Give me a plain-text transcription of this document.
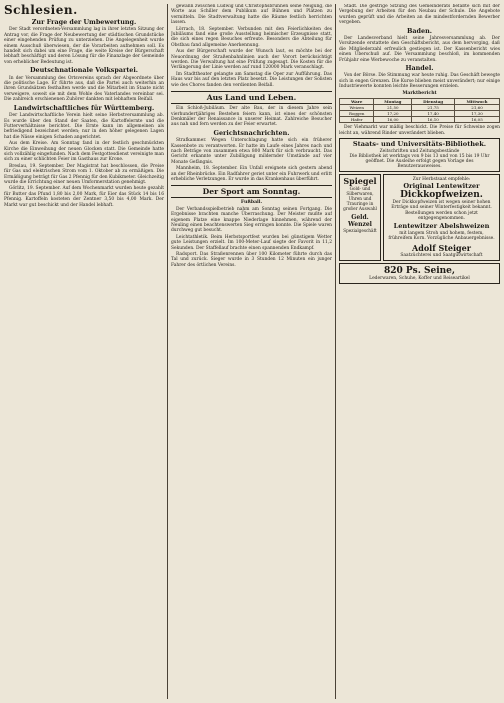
Schlesien.
Zur Frage der Umbewertung.

Der Stadt verordneten-Versammlung lag in ihrer letzten Sitzung der Antrag vor, die Frage der Neubewertung der städtischen Grundstücke einer eingehenden Prüfung zu unterziehen. Die Angelegenheit wurde einem Ausschuß überwiesen, der die Vorarbeiten aufnehmen soll. Es handelt sich dabei um eine Frage, die weite Kreise der Bürgerschaft lebhaft beschäftigt und deren Lösung für die Finanzlage der Gemeinde von erheblicher Bedeutung ist.

Deutschnationale Volkspartei.

In der Versammlung des Ortsvereins sprach der Abgeordnete über die politische Lage. Er führte aus, daß die Partei auch weiterhin an ihren Grundsätzen festhalten werde und die Mitarbeit im Staate nicht verweigere, soweit sie mit dem Wohle des Vaterlandes vereinbar sei. Die zahlreich erschienenen Zuhörer dankten mit lebhaftem Beifall.

Landwirtschaftliches für Württemberg.

Der Landwirtschaftliche Verein hielt seine Herbstversammlung ab. Es wurde über den Stand der Saaten, die Kartoffelernte und die Futterverhältnisse berichtet. Die Ernte kann im allgemeinen als befriedigend bezeichnet werden; nur in den höher gelegenen Lagen hat die Nässe einigen Schaden angerichtet.

Aus dem Kreise. Am Sonntag fand in der festlich geschmückten Kirche die Einweihung der neuen Glocken statt. Die Gemeinde hatte sich vollzählig eingefunden. Nach dem Festgottesdienst vereinigte man sich zu einer schlichten Feier im Gasthaus zur Krone.

Breslau, 19. September. Der Magistrat hat beschlossen, die Preise für Gas und elektrischen Strom vom 1. Oktober ab zu ermäßigen. Die Ermäßigung beträgt für Gas 2 Pfennig für den Kubikmeter. Gleichzeitig wurde die Errichtung einer neuen Umformerstation genehmigt.

Görlitz, 19. September. Auf dem Wochenmarkt wurden heute gezahlt für Butter das Pfund 1,80 bis 2,00 Mark, für Eier das Stück 14 bis 16 Pfennig. Kartoffeln kosteten der Zentner 3,50 bis 4,00 Mark. Der Markt war gut beschickt und der Handel lebhaft.

gewann zwischen Ludwig und Christophsbrunnen seine Neigung, die Worte aus Schiller dem Publikum auf Bühnen und Plätzen zu vermitteln. Die Stadtverwaltung hatte die Räume festlich herrichten lassen.

Lörrach, 18. September. Verbunden mit den Feierlichkeiten des Jubiläums fand eine große Ausstellung heimischer Erzeugnisse statt, die sich eines regen Besuches erfreute. Besonders die Abteilung für Obstbau fand allgemeine Anerkennung.

Aus der Bürgerschaft wurde der Wunsch laut, es möchte bei der Neuordnung der Straßenbahnlinien auch der Vorort berücksichtigt werden. Die Verwaltung hat eine Prüfung zugesagt. Die Kosten für die Verlängerung der Linie werden auf rund 120000 Mark veranschlagt.

Im Stadttheater gelangte am Samstag die Oper zur Aufführung. Das Haus war bis auf den letzten Platz besetzt. Die Leistungen der Solisten wie des Chores fanden den verdienten Beifall.

Aus Land und Leben.

Ein Schloß-Jubiläum. Der alte Bau, der in diesem Jahre sein vierhundertjähriges Bestehen feiern kann, ist eines der schönsten Denkmäler der Renaissance in unserer Heimat. Zahlreiche Besucher aus nah und fern werden zu der Feier erwartet.

Gerichtsnachrichten.

Strafkammer. Wegen Unterschlagung hatte sich ein früherer Kassenbote zu verantworten. Er hatte im Laufe eines Jahres nach und nach Beträge von zusammen etwa 800 Mark für sich verbraucht. Das Gericht erkannte unter Zubilligung mildernder Umstände auf vier Monate Gefängnis.

Mannheim, 18. September. Ein Unfall ereignete sich gestern abend an der Rheinbrücke. Ein Radfahrer geriet unter ein Fuhrwerk und erlitt erhebliche Verletzungen. Er wurde in das Krankenhaus überführt.

Der Sport am Sonntag.
Fußball.

Der Verbandsspielbetrieb nahm am Sonntag seinen Fortgang. Die Ergebnisse brachten manche Überraschung. Der Meister mußte auf eigenem Platze eine knappe Niederlage hinnehmen, während der Neuling einen beachtenswerten Sieg erringen konnte. Die Spiele waren durchweg gut besucht.

Leichtathletik. Beim Herbstsportfest wurden bei günstigem Wetter gute Leistungen erzielt. Im 100-Meter-Lauf siegte der Favorit in 11,2 Sekunden. Der Staffellauf brachte einen spannenden Endkampf.

Radsport. Das Straßenrennen über 100 Kilometer führte durch das Tal und zurück. Sieger wurde in 3 Stunden 12 Minuten ein junger Fahrer des örtlichen Vereins.

Stadt. Die gestrige Sitzung des Gemeinderats befaßte sich mit der Vergebung der Arbeiten für den Neubau der Schule. Die Angebote wurden geprüft und die Arbeiten an die mindestfordernden Bewerber vergeben.

Baden.

Der Landesverband hielt seine Jahresversammlung ab. Der Vorsitzende erstattete den Geschäftsbericht, aus dem hervorging, daß die Mitgliederzahl erfreulich gestiegen ist. Der Kassenbericht wies einen Überschuß auf. Die Versammlung beschloß, im kommenden Frühjahr eine Werbewoche zu veranstalten.

Handel.

Von der Börse. Die Stimmung war heute ruhig. Das Geschäft bewegte sich in engen Grenzen. Die Kurse blieben meist unverändert; nur einige Industriewerte konnten leichte Besserungen erzielen.

Marktbericht
Ware	Montag	Dienstag	Mittwoch
Weizen	21,50	21,75	21,60
Roggen	17,20	17,40	17,30
Hafer	16,00	16,10	16,05

Der Viehmarkt war mäßig beschickt. Die Preise für Schweine zogen leicht an, während Rinder unverändert blieben.

Staats- und Universitäts-Bibliothek.
Zeitschriften und Zeitungsbestände
Die Bibliothek ist werktags von 9 bis 13 und von 15 bis 19 Uhr geöffnet. Die Ausleihe erfolgt gegen Vorlage des Benutzerausweises.
Spiegel
Gold- und Silberwaren, Uhren und Trauringe in großer Auswahl
Geld. Wenzel
Spezialgeschäft
Zur Herbstsaat empfehle:
Original Lentewitzer
Dickkopfweizen.
Der Dickkopfweizen ist wegen seiner hohen Erträge und seiner Winterfestigkeit bekannt. Bestellungen werden schon jetzt entgegengenommen.
Lentewitzer Abelshweizen
mit langem Stroh und hohem, festem, frühreifem Korn. Vorzügliche Anbauergebnisse.
Adolf Steiger
Saatzüchterei und Saatgutwirtschaft
820 Ps. Seine,
Lederwaren, Schuhe, Koffer und Reiseartikel
